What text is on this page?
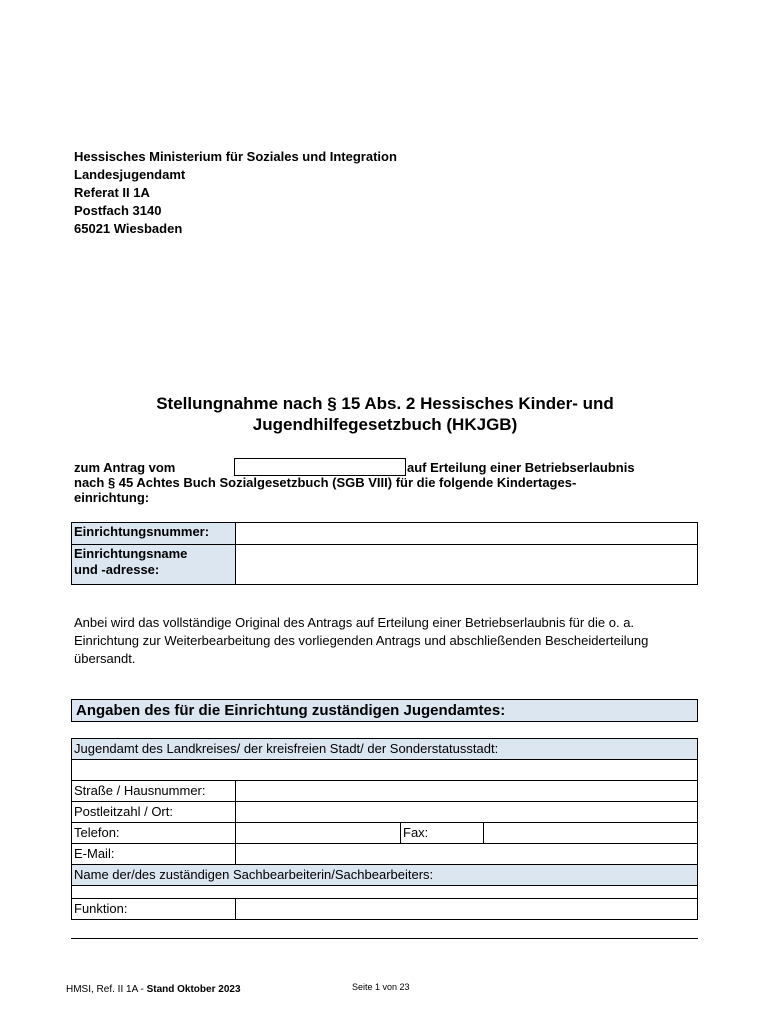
Hessisches Ministerium für Soziales und Integration
Landesjugendamt
Referat II 1A
Postfach 3140
65021 Wiesbaden
Stellungnahme nach § 15 Abs. 2 Hessisches Kinder- und
Jugendhilfegesetzbuch (HKJGB)
zum Antrag vom	auf Erteilung einer Betriebserlaubnis
nach § 45 Achtes Buch Sozialgesetzbuch (SGB VIII) für die folgende Kindertages-
einrichtung:
Einrichtungsnummer:	

Einrichtungsname
und -adresse:	

Anbei wird das vollständige Original des Antrags auf Erteilung einer Betriebserlaubnis für die o. a. Einrichtung zur Weiterbearbeitung des vorliegenden Antrags und abschließenden Bescheiderteilung übersandt.
Angaben des für die Einrichtung zuständigen Jugendamtes:
Jugendamt des Landkreises/ der kreisfreien Stadt/ der Sonderstatusstadt:			

Straße / Hausnummer:			
Postleitzahl / Ort:			
Telefon:		Fax:	
E-Mail:			
Name der/des zuständigen Sachbearbeiterin/Sachbearbeiters:			

Funktion:			
HMSI, Ref. II 1A - Stand Oktober 2023	Seite 1 von 23
